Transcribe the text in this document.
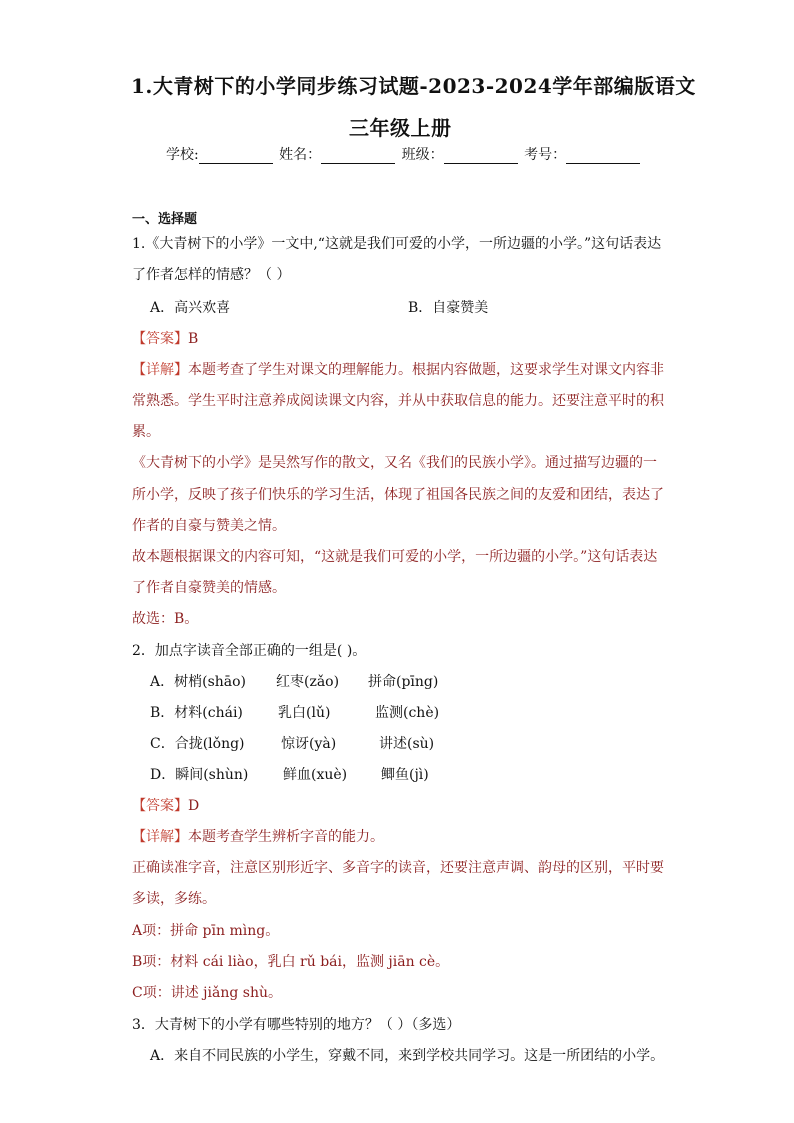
1.大青树下的小学同步练习试题-2023-2024学年部编版语文
三年级上册
学校:	姓名：	班级：	考号：
一、选择题
1.《大青树下的小学》一文中,“这就是我们可爱的小学，一所边疆的小学。”这句话表达
了作者怎样的情感？（ ）
A．高兴欢喜	B．自豪赞美
【答案】B
【详解】本题考查了学生对课文的理解能力。根据内容做题，这要求学生对课文内容非
常熟悉。学生平时注意养成阅读课文内容，并从中获取信息的能力。还要注意平时的积
累。
《大青树下的小学》是吴然写作的散文，又名《我们的民族小学》。通过描写边疆的一
所小学，反映了孩子们快乐的学习生活，体现了祖国各民族之间的友爱和团结，表达了
作者的自豪与赞美之情。
故本题根据课文的内容可知，“这就是我们可爱的小学，一所边疆的小学。”这句话表达
了作者自豪赞美的情感。
故选：B。
2．加点字读音全部正确的一组是( )。
A．树梢(shāo) 红枣(zǎo) 拼命(pīng)
B．材料(chái)	乳白(lǔ)	监测(chè)
C．合拢(lǒng)	惊讶(yà)	讲述(sù)
D．瞬间(shùn) 鲜血(xuè) 鲫鱼(jì)
【答案】D
【详解】本题考查学生辨析字音的能力。
正确读准字音，注意区别形近字、多音字的读音，还要注意声调、韵母的区别，平时要
多读，多练。
A项：拼命 pīn mìng。
B项：材料 cái liào，乳白 rǔ bái，监测 jiān cè。
C项：讲述 jiǎng shù。
3．大青树下的小学有哪些特别的地方？（ ）（多选）
A．来自不同民族的小学生，穿戴不同，来到学校共同学习。这是一所团结的小学。
